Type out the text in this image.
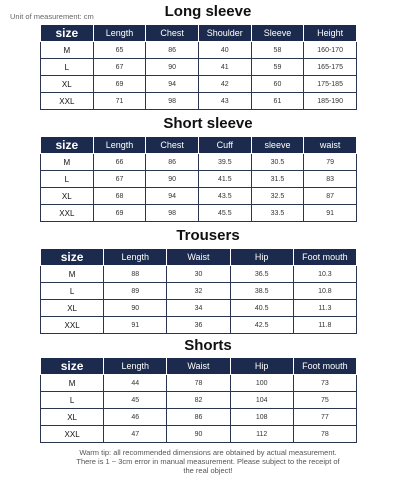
Unit of measurement: cm	Long sleeve
size	Length	Chest	Shoulder	Sleeve	Height
M	65	86	40	58	160-170
L	67	90	41	59	165-175
XL	69	94	42	60	175-185
XXL	71	98	43	61	185-190
Short sleeve
size	Length	Chest	Cuff	sleeve	waist
M	66	86	39.5	30.5	79
L	67	90	41.5	31.5	83
XL	68	94	43.5	32.5	87
XXL	69	98	45.5	33.5	91
Trousers
size	Length	Waist	Hip	Foot mouth
M	88	30	36.5	10.3
L	89	32	38.5	10.8
XL	90	34	40.5	11.3
XXL	91	36	42.5	11.8
Shorts
size	Length	Waist	Hip	Foot mouth
M	44	78	100	73
L	45	82	104	75
XL	46	86	108	77
XXL	47	90	112	78
Warm tip: all recommended dimensions are obtained by actual measurement.
There is 1 ~ 3cm error in manual measurement. Please subject to the receipt of
the real object!
